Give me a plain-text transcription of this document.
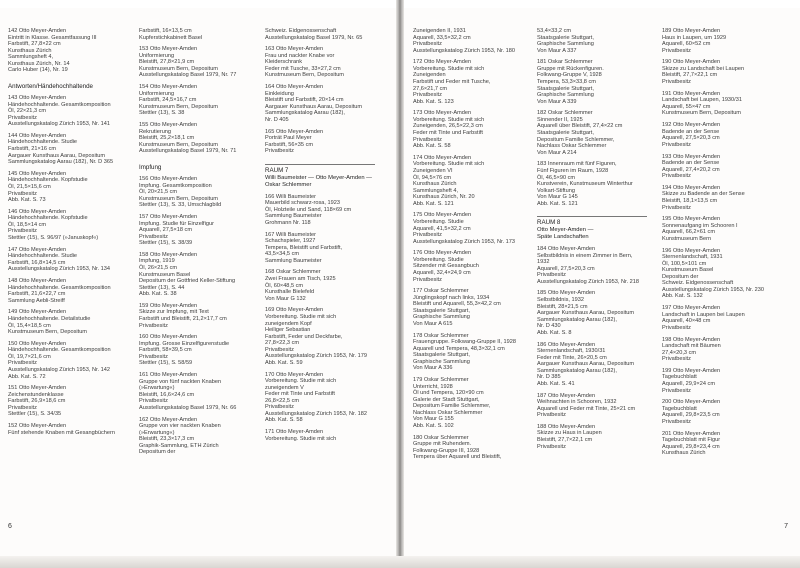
142 Otto Meyer-Amden
Eintritt in Klasse. Gesamtfassung III
Farbstift, 27,8×22 cm
Kunsthaus Zürich
Sammlungsheft 4,
Kunsthaus Zürich, Nr. 14
Carlo Huber (14), Nr. 19
Antworten/Händehochhaltende
143 Otto Meyer-Amden
Händehochhaltende. Gesamtkomposition
Öl, 22×21,3 cm
Privatbesitz
Ausstellungskatalog Zürich 1953, Nr. 141
144 Otto Meyer-Amden
Händehochhaltende. Studie
Farbstift, 21×16 cm
Aargauer Kunsthaus Aarau, Depositum
Sammlungskatalog Aarau (182), Nr. D 365
145 Otto Meyer-Amden
Händehochhaltende. Kopfstudie
Öl, 21,5×15,6 cm
Privatbesitz
Abb. Kat. S. 73
146 Otto Meyer-Amden
Händehochhaltende. Kopfstudie
Öl, 18,5×14 cm
Privatbesitz
Stettler (15), S. 96/97 (»Januskopf«)
147 Otto Meyer-Amden
Händehochhaltende. Studie
Farbstift, 16,8×14,5 cm
Ausstellungskatalog Zürich 1953, Nr. 134
148 Otto Meyer-Amden
Händehochhaltende. Gesamtkomposition
Farbstift, 21,6×22,7 cm
Sammlung Aebli-Streiff
149 Otto Meyer-Amden
Händehochhaltende. Detailstudie
Öl, 15,4×18,5 cm
Kunstmuseum Bern, Depositum
150 Otto Meyer-Amden
Händehochhaltende. Gesamtkomposition
Öl, 19,7×21,6 cm
Privatbesitz
Ausstellungskatalog Zürich 1953, Nr. 142
Abb. Kat. S. 72
151 Otto Meyer-Amden
Zeichenstundenklasse
Farbstift, 26,9×18,6 cm
Privatbesitz
Stettler (15), S. 34/35
152 Otto Meyer-Amden
Fünf stehende Knaben mit Gesangbüchern
Farbstift, 16×13,5 cm
Kupferstichkabinett Basel
153 Otto Meyer-Amden
Uniformierung
Bleistift, 27,8×21,9 cm
Kunstmuseum Bern, Depositum
Ausstellungskatalog Basel 1979, Nr. 77
154 Otto Meyer-Amden
Uniformierung
Farbstift, 24,5×16,7 cm
Kunstmuseum Bern, Depositum
Stettler (13), S. 38
155 Otto Meyer-Amden
Rekrutierung
Bleistift, 25,2×18,1 cm
Kunstmuseum Bern, Depositum
Ausstellungskatalog Basel 1979, Nr. 71
Impfung
156 Otto Meyer-Amden
Impfung. Gesamtkomposition
Öl, 20×21,5 cm
Kunstmuseum Bern, Depositum
Stettler (13), S. 33, Umschlagbild
157 Otto Meyer-Amden
Impfung. Studie für Einzelfigur
Aquarell, 27,5×18 cm
Privatbesitz
Stettler (15), S. 38/39
158 Otto Meyer-Amden
Impfung, 1919
Öl, 26×21,5 cm
Kunstmuseum Basel
Depositum der Gottfried Keller-Stiftung
Stettler (13), S. 44
Abb. Kat. S. 38
159 Otto Meyer-Amden
Skizze zur Impfung, mit Text
Farbstift und Bleistift, 21,2×17,7 cm
Privatbesitz
160 Otto Meyer-Amden
Impfung. Grosse Einzelfigurenstudie
Farbstift, 58×39,5 cm
Privatbesitz
Stettler (15), S. 58/59
161 Otto Meyer-Amden
Gruppe von fünf nackten Knaben
(»Erwartung«)
Bleistift, 16,6×24,6 cm
Privatbesitz
Ausstellungskatalog Basel 1979, Nr. 66
162 Otto Meyer-Amden
Gruppe von vier nackten Knaben
(»Erwartung«)
Bleistift, 23,3×17,3 cm
Graphik-Sammlung, ETH Zürich
Depositum der
Schweiz. Eidgenossenschaft
Ausstellungskatalog Basel 1979, Nr. 65
163 Otto Meyer-Amden
Frau und nackter Knabe vor
Kleiderschrank
Feder mit Tusche, 33×27,2 cm
Kunstmuseum Bern, Depositum
164 Otto Meyer-Amden
Einkleidung
Bleistift und Farbstift, 20×14 cm
Aargauer Kunsthaus Aarau, Depositum
Sammlungskatalog Aarau (182),
Nr. D 405
165 Otto Meyer-Amden
Porträt Paul Meyer
Farbstift, 56×35 cm
Privatbesitz
RAUM 7
Willi Baumeister — Otto Meyer-Amden —
Oskar Schlemmer
166 Willi Baumeister
Mauerbild schwarz-rosa, 1923
Öl, Holzteile und Sand, 118×69 cm
Sammlung Baumeister
Grohmann Nr. 118
167 Willi Baumeister
Schachspieler, 1927
Tempera, Bleistift und Farbstift,
43,5×34,5 cm
Sammlung Baumeister
168 Oskar Schlemmer
Zwei Frauen am Tisch, 1925
Öl, 60×48,5 cm
Kunsthalle Bielefeld
Von Maur G 132
169 Otto Meyer-Amden
Vorbereitung. Studie mit sich
zuneigendem Kopf
Heiliger Sebastian
Farbstift, Feder und Deckfarbe,
27,8×22,3 cm
Privatbesitz
Ausstellungskatalog Zürich 1953, Nr. 179
Abb. Kat. S. 59
170 Otto Meyer-Amden
Vorbereitung. Studie mit sich
zuneigendem V
Feder mit Tinte und Farbstift
26,8×22,5 cm
Privatbesitz
Ausstellungskatalog Zürich 1953, Nr. 182
Abb. Kat. S. 58
171 Otto Meyer-Amden
Vorbereitung. Studie mit sich
Zuneigenden II, 1931
Aquarell, 33,5×32,2 cm
Privatbesitz
Ausstellungskatalog Zürich 1953, Nr. 180
172 Otto Meyer-Amden
Vorbereitung. Studie mit sich
Zuneigenden
Farbstift und Feder mit Tusche,
27,6×21,7 cm
Privatbesitz
Abb. Kat. S. 123
173 Otto Meyer-Amden
Vorbereitung. Studie mit sich
Zuneigenden, 26,5×22,3 cm
Feder mit Tinte und Farbstift
Privatbesitz
Abb. Kat. S. 58
174 Otto Meyer-Amden
Vorbereitung. Studie mit sich
Zuneigenden VI
Öl, 94,5×76 cm
Kunsthaus Zürich
Sammlungsheft 4,
Kunsthaus Zürich, Nr. 20
Abb. Kat. S. 121
175 Otto Meyer-Amden
Vorbereitung. Studie
Aquarell, 41,5×32,2 cm
Privatbesitz
Ausstellungskatalog Zürich 1953, Nr. 173
176 Otto Meyer-Amden
Vorbereitung. Studie
Sitzender mit Gesangbuch
Aquarell, 32,4×24,9 cm
Privatbesitz
177 Oskar Schlemmer
Jünglingskopf nach links, 1934
Bleistift und Aquarell, 55,3×42,2 cm
Staatsgalerie Stuttgart,
Graphische Sammlung
Von Maur A 615
178 Oskar Schlemmer
Frauengruppe. Folkwang-Gruppe II, 1928
Aquarell und Tempera, 48,3×32,1 cm
Staatsgalerie Stuttgart,
Graphische Sammlung
Von Maur A 336
179 Oskar Schlemmer
Unterricht, 1928
Öl und Tempera, 120×90 cm
Galerie der Stadt Stuttgart,
Depositum Familie Schlemmer,
Nachlass Oskar Schlemmer
Von Maur G 155
Abb. Kat. S. 102
180 Oskar Schlemmer
Gruppe mit Ruhendem.
Folkwang-Gruppe III, 1928
Tempera über Aquarell und Bleistift,
53,4×33,2 cm
Staatsgalerie Stuttgart,
Graphische Sammlung
Von Maur A 337
181 Oskar Schlemmer
Gruppe mit Rückenfiguren.
Folkwang-Gruppe V, 1928
Tempera, 53,3×33,8 cm
Staatsgalerie Stuttgart,
Graphische Sammlung
Von Maur A 339
182 Oskar Schlemmer
Sinnender II, 1925
Aquarell über Bleistift, 27,4×22 cm
Staatsgalerie Stuttgart,
Depositum Familie Schlemmer,
Nachlass Oskar Schlemmer
Von Maur A 214
183 Innenraum mit fünf Figuren,
Fünf Figuren im Raum, 1928
Öl, 46,5×90 cm
Kunstverein, Kunstmuseum Winterthur
Volkart-Stiftung
Von Maur G 145
Abb. Kat. S. 121
RAUM 8
Otto Meyer-Amden —
Späte Landschaften
184 Otto Meyer-Amden
Selbstbildnis in einem Zimmer in Bern,
1932
Aquarell, 27,5×20,3 cm
Privatbesitz
Ausstellungskatalog Zürich 1953, Nr. 218
185 Otto Meyer-Amden
Selbstbildnis, 1932
Bleistift, 28×21,5 cm
Aargauer Kunsthaus Aarau, Depositum
Sammlungskatalog Aarau (182),
Nr. D 430
Abb. Kat. S. 8
186 Otto Meyer-Amden
Sternenlandschaft, 1930/31
Feder mit Tinte, 26×20,5 cm
Aargauer Kunsthaus Aarau, Depositum
Sammlungskatalog Aarau (182),
Nr. D 385
Abb. Kat. S. 41
187 Otto Meyer-Amden
Weihnachten in Schooren, 1932
Aquarell und Feder mit Tinte, 25×21 cm
Privatbesitz
188 Otto Meyer-Amden
Skizze zu Haus in Laupen
Bleistift, 27,7×22,1 cm
Privatbesitz
189 Otto Meyer-Amden
Haus in Laupen, um 1929
Aquarell, 60×52 cm
Privatbesitz
190 Otto Meyer-Amden
Skizze zu Landschaft bei Laupen
Bleistift, 27,7×22,1 cm
Privatbesitz
191 Otto Meyer-Amden
Landschaft bei Laupen, 1930/31
Aquarell, 55×47 cm
Kunstmuseum Bern, Depositum
192 Otto Meyer-Amden
Badende an der Sense
Aquarell, 27,5×20,3 cm
Privatbesitz
193 Otto Meyer-Amden
Badende an der Sense
Aquarell, 27,4×20,2 cm
Privatbesitz
194 Otto Meyer-Amden
Skizze zu Badende an der Sense
Bleistift, 18,1×13,5 cm
Privatbesitz
195 Otto Meyer-Amden
Sonnenaufgang im Schooren I
Aquarell, 66,2×61 cm
Kunstmuseum Bern
196 Otto Meyer-Amden
Sternenlandschaft, 1931
Öl, 100,5×101 cm
Kunstmuseum Basel
Depositum der
Schweiz. Eidgenossenschaft
Ausstellungskatalog Zürich 1953, Nr. 230
Abb. Kat. S. 132
197 Otto Meyer-Amden
Landschaft in Laupen bei Laupen
Aquarell, 40×48 cm
Privatbesitz
198 Otto Meyer-Amden
Landschaft mit Bäumen
27,4×20,3 cm
Privatbesitz
199 Otto Meyer-Amden
Tagebuchblatt
Aquarell, 29,9×24 cm
Privatbesitz
200 Otto Meyer-Amden
Tagebuchblatt
Aquarell, 29,8×23,5 cm
Privatbesitz
201 Otto Meyer-Amden
Tagebuchblatt mit Figur
Aquarell, 29,8×23,4 cm
Kunsthaus Zürich
6	7
